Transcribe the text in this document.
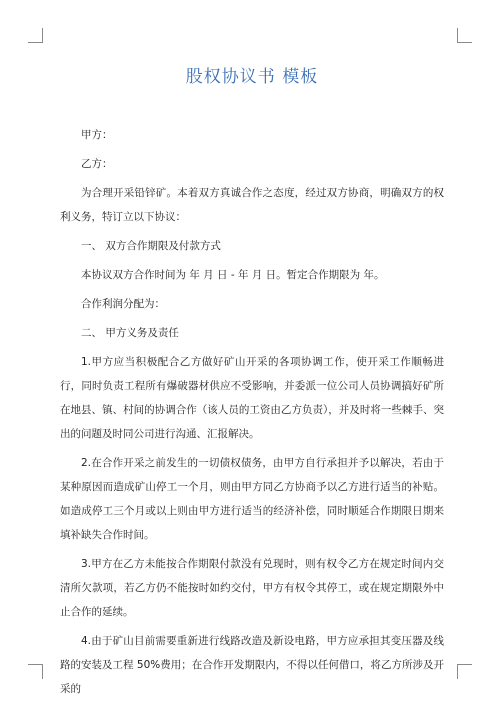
股权协议书 模板

甲方：

乙方：

为合理开采铅锌矿。本着双方真诚合作之态度，经过双方协商，明确双方的权利义务，特订立以下协议：

一、 双方合作期限及付款方式

本协议双方合作时间为 年 月 日 - 年 月 日。暂定合作期限为 年。

合作利润分配为：

二、 甲方义务及责任

1.甲方应当积极配合乙方做好矿山开采的各项协调工作，使开采工作顺畅进行，同时负责工程所有爆破器材供应不受影响，并委派一位公司人员协调搞好矿所在地县、镇、村间的协调合作（该人员的工资由乙方负责），并及时将一些棘手、突出的问题及时同公司进行沟通、汇报解决。

2.在合作开采之前发生的一切债权债务，由甲方自行承担并予以解决，若由于某种原因而造成矿山停工一个月，则由甲方同乙方协商予以乙方进行适当的补贴。如造成停工三个月或以上则由甲方进行适当的经济补偿，同时顺延合作期限日期来填补缺失合作时间。

3.甲方在乙方未能按合作期限付款没有兑现时，则有权令乙方在规定时间内交清所欠款项，若乙方仍不能按时如约交付，甲方有权令其停工，或在规定期限外中止合作的延续。

4.由于矿山目前需要重新进行线路改造及新设电路，甲方应承担其变压器及线路的安装及工程 50%费用；在合作开发期限内，不得以任何借口，将乙方所涉及开采的
